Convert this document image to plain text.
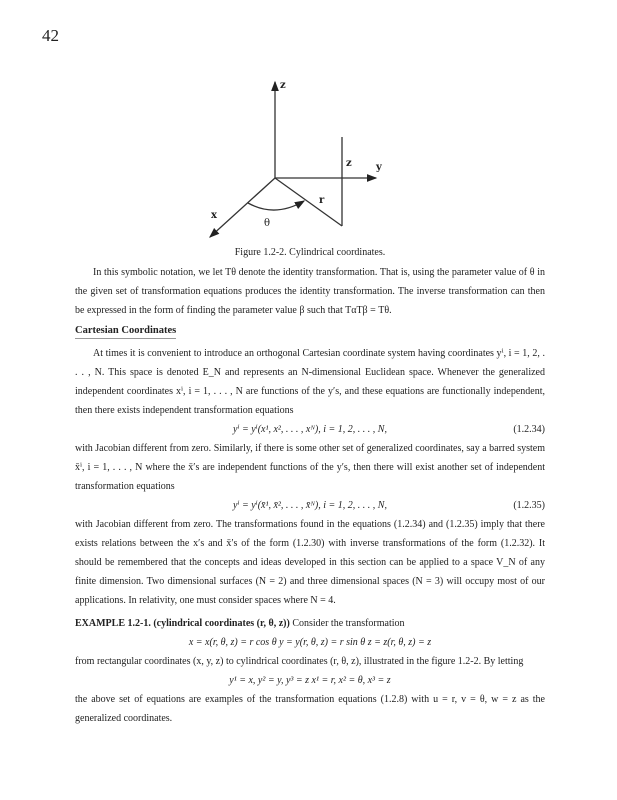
42
z
y
x
z
r
θ

Figure 1.2-2. Cylindrical coordinates.

In this symbolic notation, we let Tθ denote the identity transformation. That is, using the parameter value of θ in the given set of transformation equations produces the identity transformation. The inverse transformation can then be expressed in the form of finding the parameter value β such that TαTβ = Tθ.

Cartesian Coordinates

At times it is convenient to introduce an orthogonal Cartesian coordinate system having coordinates yⁱ, i = 1, 2, . . . , N. This space is denoted E_N and represents an N-dimensional Euclidean space. Whenever the generalized independent coordinates xⁱ, i = 1, . . . , N are functions of the y′s, and these equations are functionally independent, then there exists independent transformation equations

yⁱ = yⁱ(x¹, x², . . . , xᴺ), i = 1, 2, . . . , N,	(1.2.34)

with Jacobian different from zero. Similarly, if there is some other set of generalized coordinates, say a barred system x̄ⁱ, i = 1, . . . , N where the x̄′s are independent functions of the y′s, then there will exist another set of independent transformation equations

yⁱ = yⁱ(x̄¹, x̄², . . . , x̄ᴺ), i = 1, 2, . . . , N,	(1.2.35)

with Jacobian different from zero. The transformations found in the equations (1.2.34) and (1.2.35) imply that there exists relations between the x′s and x̄′s of the form (1.2.30) with inverse transformations of the form (1.2.32). It should be remembered that the concepts and ideas developed in this section can be applied to a space V_N of any finite dimension. Two dimensional surfaces (N = 2) and three dimensional spaces (N = 3) will occupy most of our applications. In relativity, one must consider spaces where N = 4.

EXAMPLE 1.2-1. (cylindrical coordinates (r, θ, z)) Consider the transformation

x = x(r, θ, z) = r cos θ y = y(r, θ, z) = r sin θ z = z(r, θ, z) = z

from rectangular coordinates (x, y, z) to cylindrical coordinates (r, θ, z), illustrated in the figure 1.2-2. By letting

y¹ = x, y² = y, y³ = z x¹ = r, x² = θ, x³ = z

the above set of equations are examples of the transformation equations (1.2.8) with u = r, v = θ, w = z as the generalized coordinates.
